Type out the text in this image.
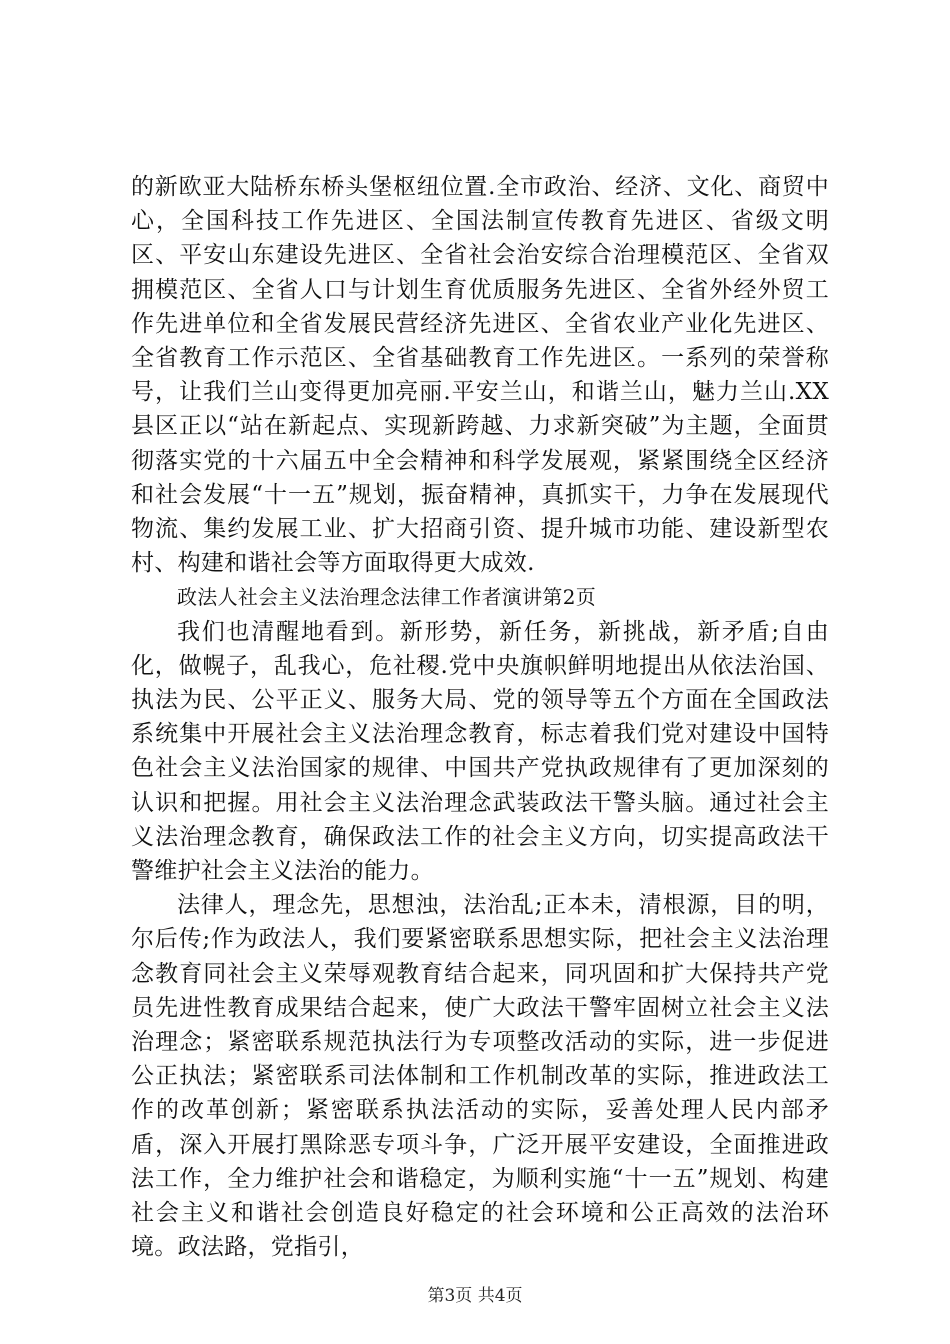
的新欧亚大陆桥东桥头堡枢纽位置.全市政治、经济、文化、商贸中心，全国科技工作先进区、全国法制宣传教育先进区、省级文明区、平安山东建设先进区、全省社会治安综合治理模范区、全省双拥模范区、全省人口与计划生育优质服务先进区、全省外经外贸工作先进单位和全省发展民营经济先进区、全省农业产业化先进区、全省教育工作示范区、全省基础教育工作先进区。一系列的荣誉称号，让我们兰山变得更加亮丽.平安兰山，和谐兰山，魅力兰山.XX县区正以“站在新起点、实现新跨越、力求新突破”为主题，全面贯彻落实党的十六届五中全会精神和科学发展观，紧紧围绕全区经济和社会发展“十一五”规划，振奋精神，真抓实干，力争在发展现代物流、集约发展工业、扩大招商引资、提升城市功能、建设新型农村、构建和谐社会等方面取得更大成效.

政法人社会主义法治理念法律工作者演讲第2页

我们也清醒地看到。新形势，新任务，新挑战，新矛盾;自由化，做幌子，乱我心，危社稷.党中央旗帜鲜明地提出从依法治国、执法为民、公平正义、服务大局、党的领导等五个方面在全国政法系统集中开展社会主义法治理念教育，标志着我们党对建设中国特色社会主义法治国家的规律、中国共产党执政规律有了更加深刻的认识和把握。用社会主义法治理念武装政法干警头脑。通过社会主义法治理念教育，确保政法工作的社会主义方向，切实提高政法干警维护社会主义法治的能力。

法律人，理念先，思想浊，法治乱;正本未，清根源，目的明，尔后传;作为政法人，我们要紧密联系思想实际，把社会主义法治理念教育同社会主义荣辱观教育结合起来，同巩固和扩大保持共产党员先进性教育成果结合起来，使广大政法干警牢固树立社会主义法治理念；紧密联系规范执法行为专项整改活动的实际，进一步促进公正执法；紧密联系司法体制和工作机制改革的实际，推进政法工作的改革创新；紧密联系执法活动的实际，妥善处理人民内部矛盾，深入开展打黑除恶专项斗争，广泛开展平安建设，全面推进政法工作，全力维护社会和谐稳定，为顺利实施“十一五”规划、构建社会主义和谐社会创造良好稳定的社会环境和公正高效的法治环境。政法路，党指引，

第3页 共4页
